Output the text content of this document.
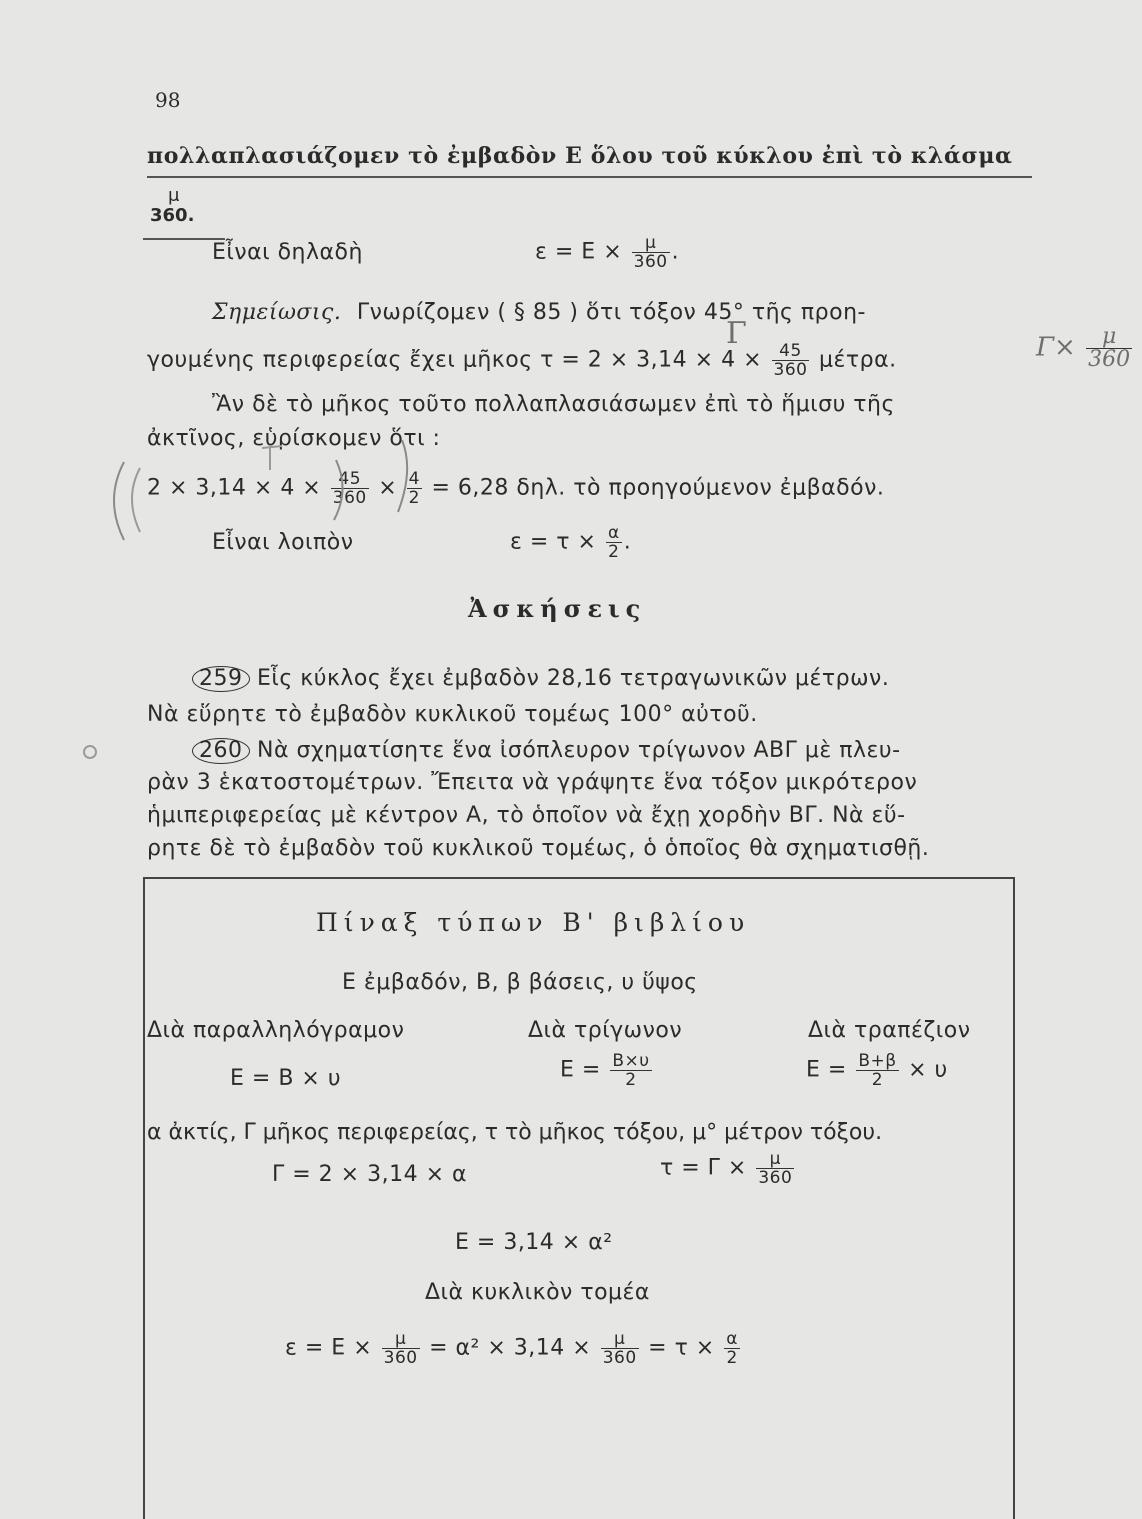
98
πολλαπλασιάζομεν τὸ ἐμβαδὸν E ὅλου τοῦ κύκλου ἐπὶ τὸ κλάσμα
μ
360.
Εἶναι δηλαδὴ	$\varepsilon = E \times \frac{\mu}{360}$ .
Σημείωσις. Γνωρίζομεν ( § 85 ) ὅτι τόξον 45° τῆς προη-
γουμένης περιφερείας ἔχει μῆκος $\tau = 2 \times 3,14 \times 4 \times \frac{45}{360} \mu έ\tau\rho\alpha$.
Ἂν δὲ τὸ μῆκος τοῦτο πολλαπλασιάσωμεν ἐπὶ τὸ ἥμισυ τῆς
ἀκτῖνος, εὑρίσκομεν ὅτι :
$2 \times 3,14 \times 4 \times \frac{45}{360} \times \frac{4}{2} = 6,28$ δηλ. τὸ προηγούμενον ἐμβαδόν.
Εἶναι λοιπὸν	$\varepsilon = \tau \times \frac{\alpha}{2}$ .
Ἀσκήσεις
259 Εἷς κύκλος ἔχει ἐμβαδὸν 28,16 τετραγωνικῶν μέτρων.
Νὰ εὕρητε τὸ ἐμβαδὸν κυκλικοῦ τομέως 100° αὐτοῦ.
260 Νὰ σχηματίσητε ἕνα ἰσόπλευρον τρίγωνον ΑΒΓ μὲ πλευ-
ρὰν 3 ἑκατοστομέτρων. Ἔπειτα νὰ γράψητε ἕνα τόξον μικρότερον
ἡμιπεριφερείας μὲ κέντρον Α, τὸ ὁποῖον νὰ ἔχῃ χορδὴν ΒΓ. Νὰ εὕ-
ρητε δὲ τὸ ἐμβαδὸν τοῦ κυκλικοῦ τομέως, ὁ ὁποῖος θὰ σχηματισθῇ.
Πίναξ τύπων Β' βιβλίου
Ε ἐμβαδόν, Β, β βάσεις, υ ὕψος
Διὰ παραλληλόγραμον	Διὰ τρίγωνον	Διὰ τραπέζιον
Ε = Β × υ	$E = \frac{B\times\upsilon}{2}$	$E = \frac{B+\beta}{2} \times \upsilon$
α ἀκτίς, Γ μῆκος περιφερείας, τ τὸ μῆκος τόξου, μ° μέτρον τόξου.
Γ = 2 × 3,14 × α	$\tau = \Gamma \times \frac{\mu}{360}$
Ε = 3,14 × α²
Διὰ κυκλικὸν τομέα
$\varepsilon = E \times \frac{\mu}{360} = \alpha^2 \times 3,14 \times \frac{\mu}{360} = \tau \times \frac{\alpha}{2}$
$\Gamma\times \frac{\mu}{360}$
Γ
